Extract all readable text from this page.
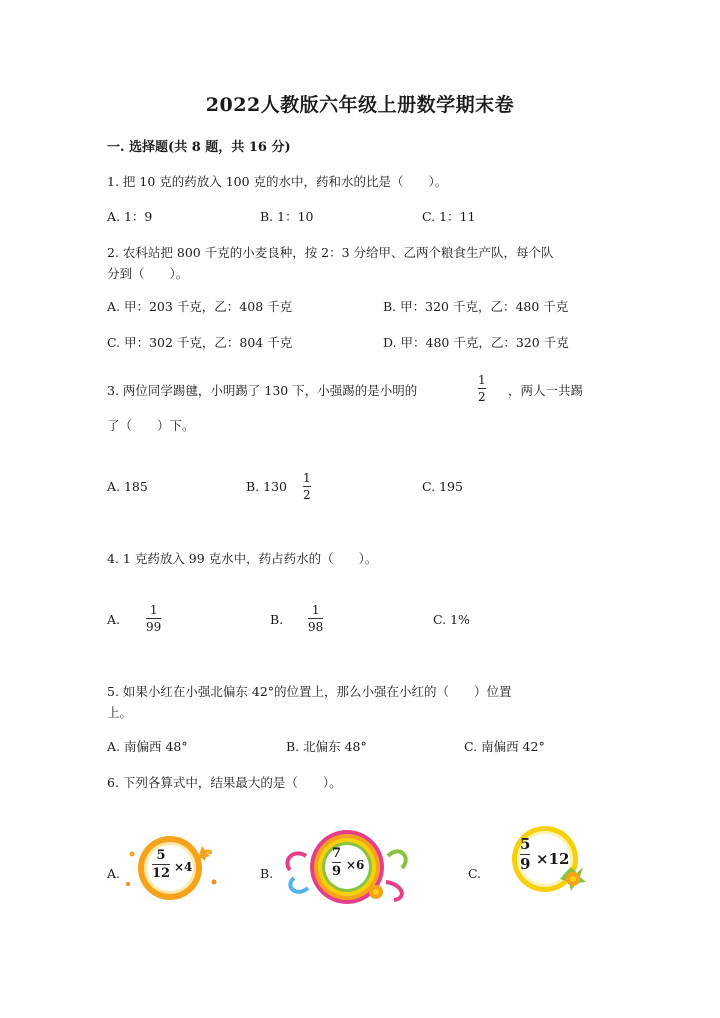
2022人教版六年级上册数学期末卷
一. 选择题(共 8 题，共 16 分)
1. 把 10 克的药放入 100 克的水中，药和水的比是（　　）。
A. 1：9	B. 1：10	C. 1：11
2. 农科站把 800 千克的小麦良种，按 2：3 分给甲、乙两个粮食生产队，每个队
分到（　　）。
A. 甲：203 千克，乙：408 千克	B. 甲：320 千克，乙：480 千克
C. 甲：302 千克，乙：804 千克	D. 甲：480 千克，乙：320 千克
3. 两位同学踢毽，小明踢了 130 下，小强踢的是小明的
1
2 ，两人一共踢
了（　　）下。
A. 185	B. 130
1
2
C. 195
4. 1 克药放入 99 克水中，药占药水的（　　）。
A.
1
99	B.
1
98	C. 1%
5. 如果小红在小强北偏东 42°的位置上，那么小强在小红的（　　）位置
上。
A. 南偏西 48°	B. 北偏东 48°	C. 南偏西 42°
6. 下列各算式中，结果最大的是（　　）。
A.
5
12 ×4	B.
7
9 ×6
C.
5
9 ×12
